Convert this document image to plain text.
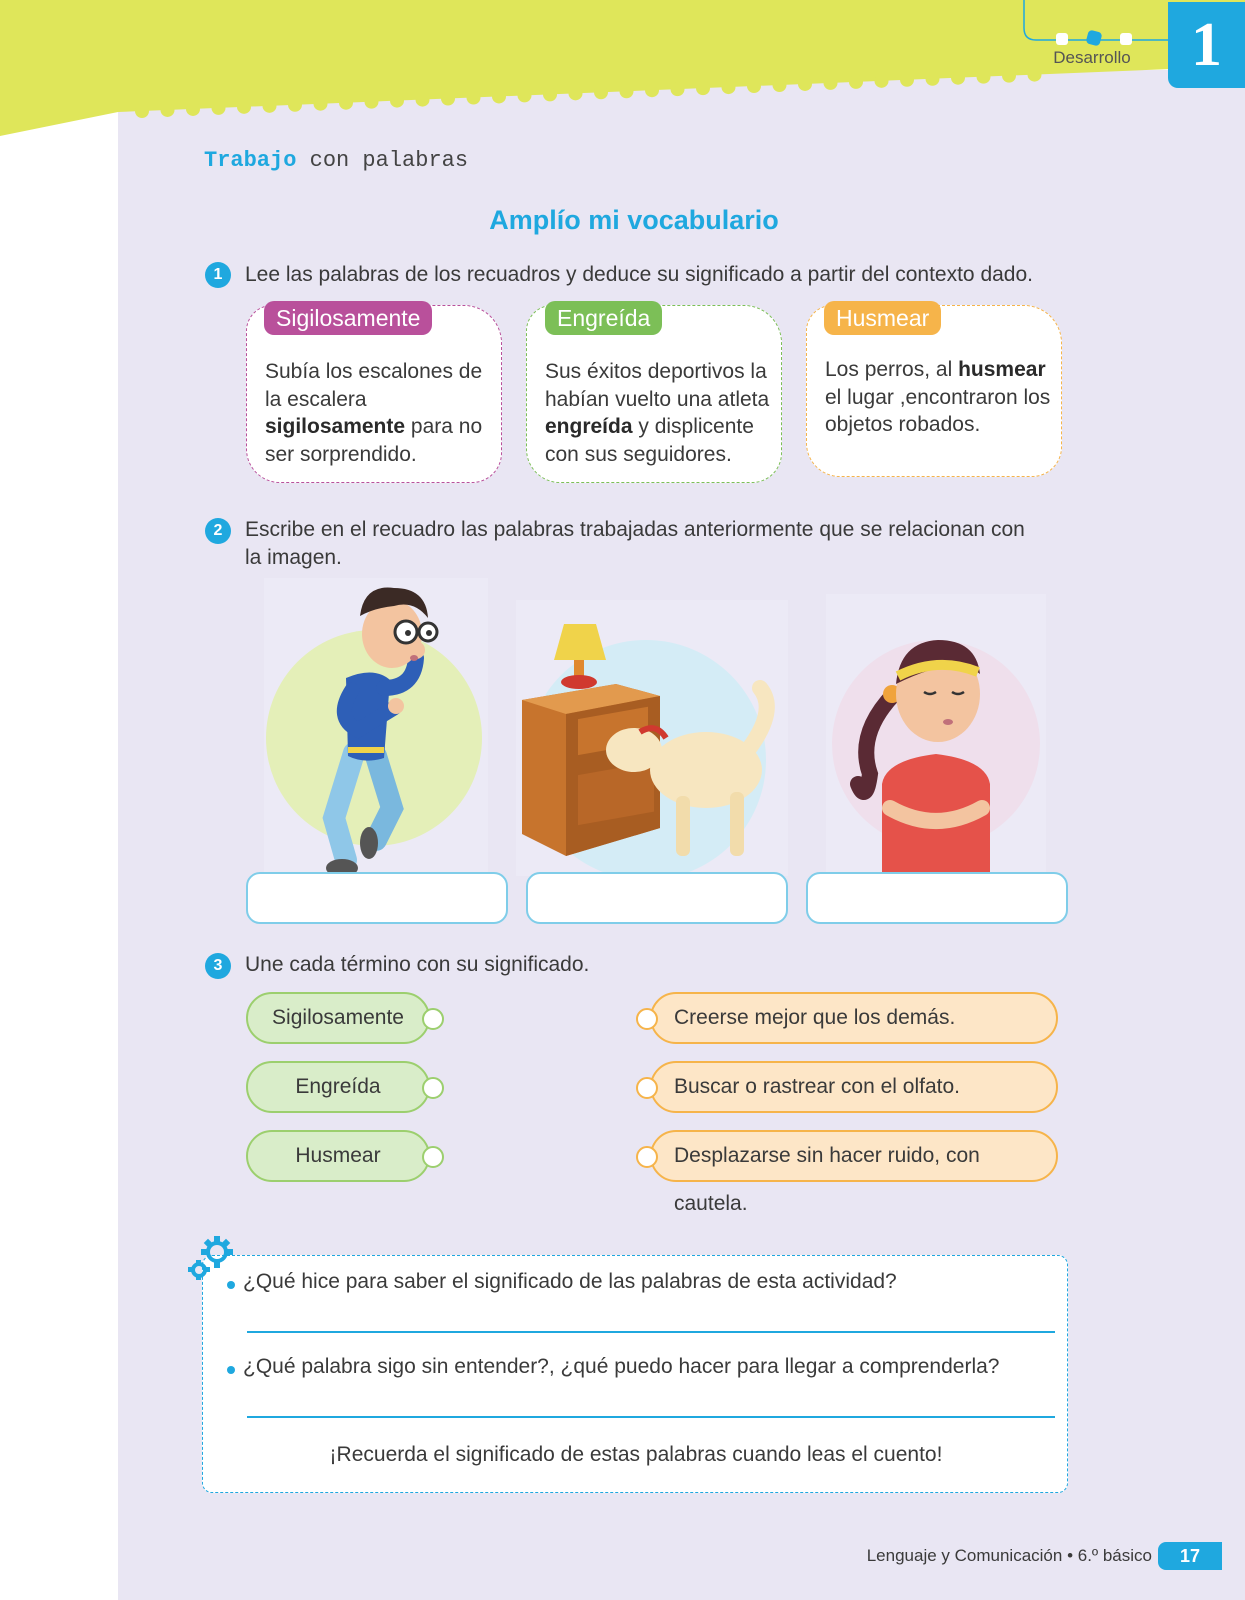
Desarrollo 1
Trabajo con palabras
Amplío mi vocabulario
1	Lee las palabras de los recuadros y deduce su significado a partir del contexto dado.
Subía los escalones de la escalera sigilosamente para no ser sorprendido.
Sigilosamente
Sus éxitos deportivos la habían vuelto una atleta engreída y displicente con sus seguidores.
Engreída
Los perros, al husmear el lugar ,encontraron los objetos robados.
Husmear
2	Escribe en el recuadro las palabras trabajadas anteriormente que se relacionan con la imagen.
3	Une cada término con su significado.
Sigilosamente
Engreída
Husmear
Creerse mejor que los demás.
Buscar o rastrear con el olfato.
Desplazarse sin hacer ruido, con cautela.
¿Qué hice para saber el significado de las palabras de esta actividad?
¿Qué palabra sigo sin entender?, ¿qué puedo hacer para llegar a comprenderla?
¡Recuerda el significado de estas palabras cuando leas el cuento!
Lenguaje y Comunicación • 6.º básico	17
